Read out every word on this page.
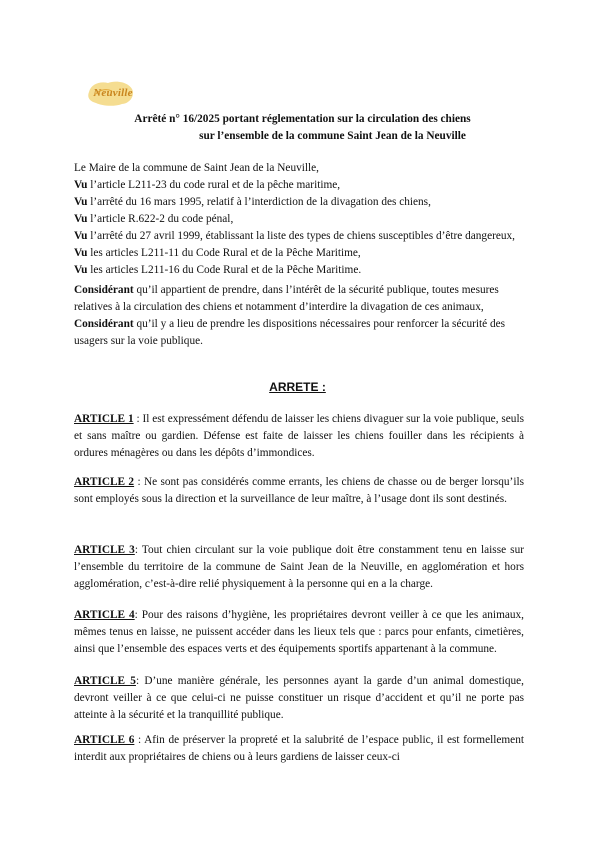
Neuville
Arrêté n° 16/2025 portant réglementation sur la circulation des chiens
sur l’ensemble de la commune Saint Jean de la Neuville

Le Maire de la commune de Saint Jean de la Neuville,

Vu l’article L211-23 du code rural et de la pêche maritime,

Vu l’arrêté du 16 mars 1995, relatif à l’interdiction de la divagation des chiens,

Vu l’article R.622-2 du code pénal,

Vu l’arrêté du 27 avril 1999, établissant la liste des types de chiens susceptibles d’être dangereux,

Vu les articles L211-11 du Code Rural et de la Pêche Maritime,

Vu les articles L211-16 du Code Rural et de la Pêche Maritime.

Considérant qu’il appartient de prendre, dans l’intérêt de la sécurité publique, toutes mesures relatives à la circulation des chiens et notamment d’interdire la divagation de ces animaux,

Considérant qu’il y a lieu de prendre les dispositions nécessaires pour renforcer la sécurité des usagers sur la voie publique.

ARRETE :
ARTICLE 1 : Il est expressément défendu de laisser les chiens divaguer sur la voie publique, seuls et sans maître ou gardien. Défense est faite de laisser les chiens fouiller dans les récipients à ordures ménagères ou dans les dépôts d’immondices.
ARTICLE 2 : Ne sont pas considérés comme errants, les chiens de chasse ou de berger lorsqu’ils sont employés sous la direction et la surveillance de leur maître, à l’usage dont ils sont destinés.
ARTICLE 3: Tout chien circulant sur la voie publique doit être constamment tenu en laisse sur l’ensemble du territoire de la commune de Saint Jean de la Neuville, en agglomération et hors agglomération, c’est-à-dire relié physiquement à la personne qui en a la charge.
ARTICLE 4: Pour des raisons d’hygiène, les propriétaires devront veiller à ce que les animaux, mêmes tenus en laisse, ne puissent accéder dans les lieux tels que : parcs pour enfants, cimetières, ainsi que l’ensemble des espaces verts et des équipements sportifs appartenant à la commune.
ARTICLE 5: D’une manière générale, les personnes ayant la garde d’un animal domestique, devront veiller à ce que celui-ci ne puisse constituer un risque d’accident et qu’il ne porte pas atteinte à la sécurité et la tranquillité publique.
ARTICLE 6 : Afin de préserver la propreté et la salubrité de l’espace public, il est formellement interdit aux propriétaires de chiens ou à leurs gardiens de laisser ceux-ci
